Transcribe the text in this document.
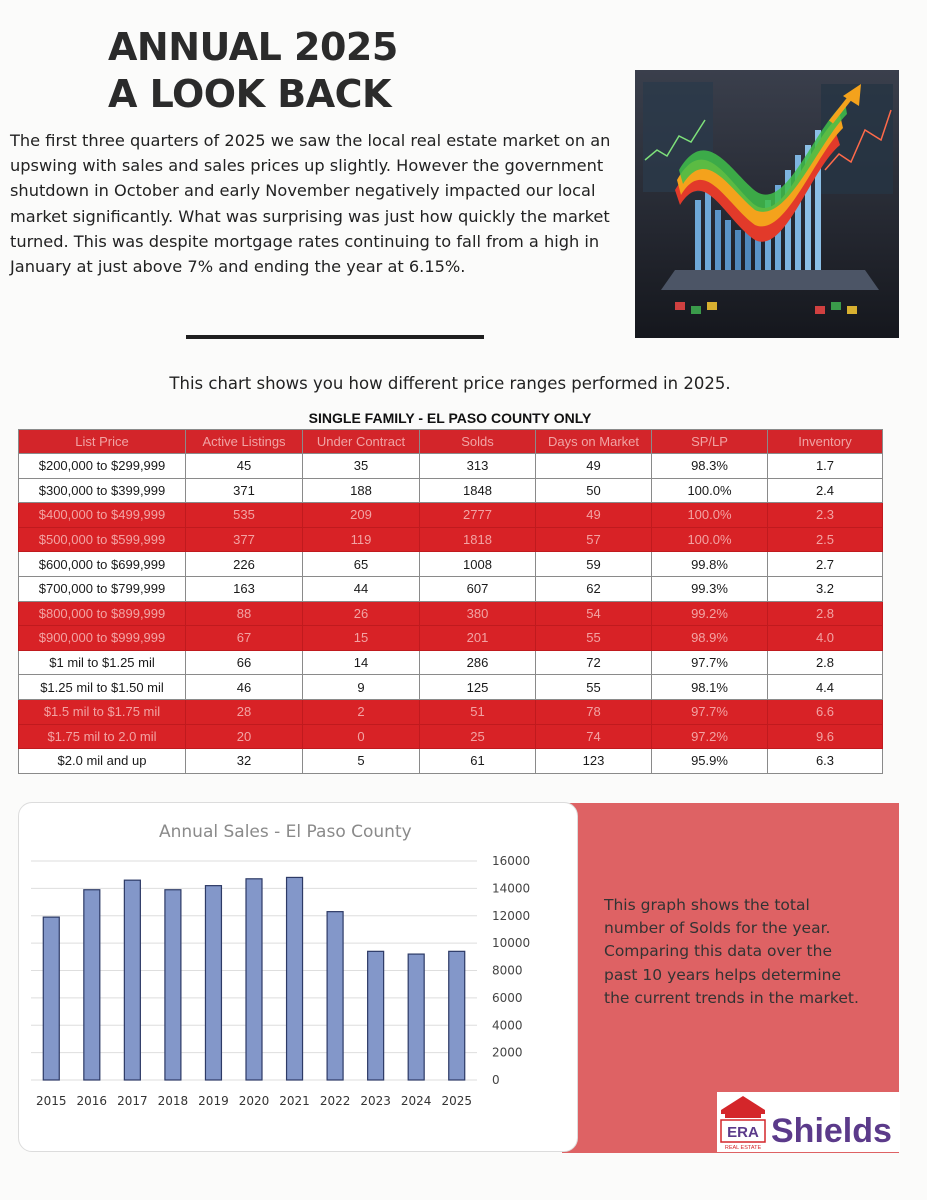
ANNUAL 2025
A LOOK BACK

The first three quarters of 2025 we saw the local real estate market on an upswing with sales and sales prices up slightly. However the government shutdown in October and early November negatively impacted our local market significantly. What was surprising was just how quickly the market turned. This was despite mortgage rates continuing to fall from a high in January at just above 7% and ending the year at 6.15%.

This chart shows you how different price ranges performed in 2025.

SINGLE FAMILY - EL PASO COUNTY ONLY
List Price	Active Listings	Under Contract	Solds	Days on Market	SP/LP	Inventory
$200,000 to $299,999	45	35	313	49	98.3%	1.7
$300,000 to $399,999	371	188	1848	50	100.0%	2.4
$400,000 to $499,999	535	209	2777	49	100.0%	2.3
$500,000 to $599,999	377	119	1818	57	100.0%	2.5
$600,000 to $699,999	226	65	1008	59	99.8%	2.7
$700,000 to $799,999	163	44	607	62	99.3%	3.2
$800,000 to $899,999	88	26	380	54	99.2%	2.8
$900,000 to $999,999	67	15	201	55	98.9%	4.0
$1 mil to $1.25 mil	66	14	286	72	97.7%	2.8
$1.25 mil to $1.50 mil	46	9	125	55	98.1%	4.4
$1.5 mil to $1.75 mil	28	2	51	78	97.7%	6.6
$1.75 mil to 2.0 mil	20	0	25	74	97.2%	9.6
$2.0 mil and up	32	5	61	123	95.9%	6.3
Annual Sales - El Paso County
0
2000
4000
6000
8000
10000
12000
14000
16000
2015 2016 2017 2018 2019 2020 2021 2022 2023 2024 2025

This graph shows the total number of Solds for the year. Comparing this data over the past 10 years helps determine the current trends in the market.

ERA
REAL ESTATE Shields
